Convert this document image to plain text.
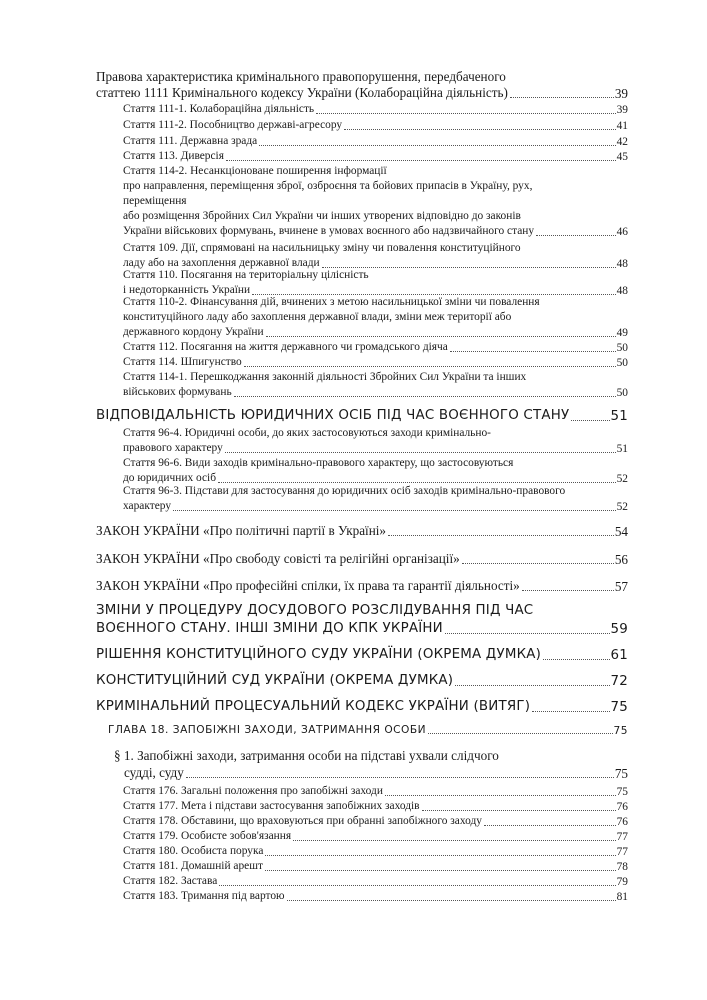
Правова характеристика кримінального правопорушення, передбаченого
статтею 1111 Кримінального кодексу України (Колабораційна діяльність)	39
Стаття 111-1. Колабораційна діяльність	39
Стаття 111-2. Пособництво державі-агресору	41
Стаття 111. Державна зрада	42
Стаття 113. Диверсія	45
Стаття 114-2. Несанкціоноване поширення інформації
про направлення, переміщення зброї, озброєння та бойових припасів в Україну, рух,
переміщення
або розміщення Збройних Сил України чи інших утворених відповідно до законів
України військових формувань, вчинене в умовах воєнного або надзвичайного стану	46
Стаття 109. Дії, спрямовані на насильницьку зміну чи повалення конституційного
ладу або на захоплення державної влади	48
Стаття 110. Посягання на територіальну цілісність
і недоторканність України	48
Стаття 110-2. Фінансування дій, вчинених з метою насильницької зміни чи повалення
конституційного ладу або захоплення державної влади, зміни меж території або
державного кордону України	49
Стаття 112. Посягання на життя державного чи громадського діяча	50
Стаття 114. Шпигунство	50
Стаття 114-1. Перешкоджання законній діяльності Збройних Сил України та інших
військових формувань	50
ВІДПОВІДАЛЬНІСТЬ ЮРИДИЧНИХ ОСІБ ПІД ЧАС ВОЄННОГО СТАНУ	51
Стаття 96-4. Юридичні особи, до яких застосовуються заходи кримінально-
правового характеру	51
Стаття 96-6. Види заходів кримінально-правового характеру, що застосовуються
до юридичних осіб	52
Стаття 96-3. Підстави для застосування до юридичних осіб заходів кримінально-правового
характеру	52
ЗАКОН УКРАЇНИ «Про політичні партії в Україні»	54
ЗАКОН УКРАЇНИ «Про свободу совісті та релігійні організації»	56
ЗАКОН УКРАЇНИ «Про професійні спілки, їх права та гарантії діяльності»	57
ЗМІНИ У ПРОЦЕДУРУ ДОСУДОВОГО РОЗСЛІДУВАННЯ ПІД ЧАС
ВОЄННОГО СТАНУ. ІНШІ ЗМІНИ ДО КПК УКРАЇНИ	59
РІШЕННЯ КОНСТИТУЦІЙНОГО СУДУ УКРАЇНИ (ОКРЕМА ДУМКА)	61
КОНСТИТУЦІЙНИЙ СУД УКРАЇНИ (ОКРЕМА ДУМКА)	72
КРИМІНАЛЬНИЙ ПРОЦЕСУАЛЬНИЙ КОДЕКС УКРАЇНИ (ВИТЯГ)	75
ГЛАВА 18. ЗАПОБІЖНІ ЗАХОДИ, ЗАТРИМАННЯ ОСОБИ	75
§ 1. Запобіжні заходи, затримання особи на підставі ухвали слідчого
судді, суду	75
Стаття 176. Загальні положення про запобіжні заходи	75
Стаття 177. Мета і підстави застосування запобіжних заходів	76
Стаття 178. Обставини, що враховуються при обранні запобіжного заходу	76
Стаття 179. Особисте зобов'язання	77
Стаття 180. Особиста порука	77
Стаття 181. Домашній арешт	78
Стаття 182. Застава	79
Стаття 183. Тримання під вартою	81
